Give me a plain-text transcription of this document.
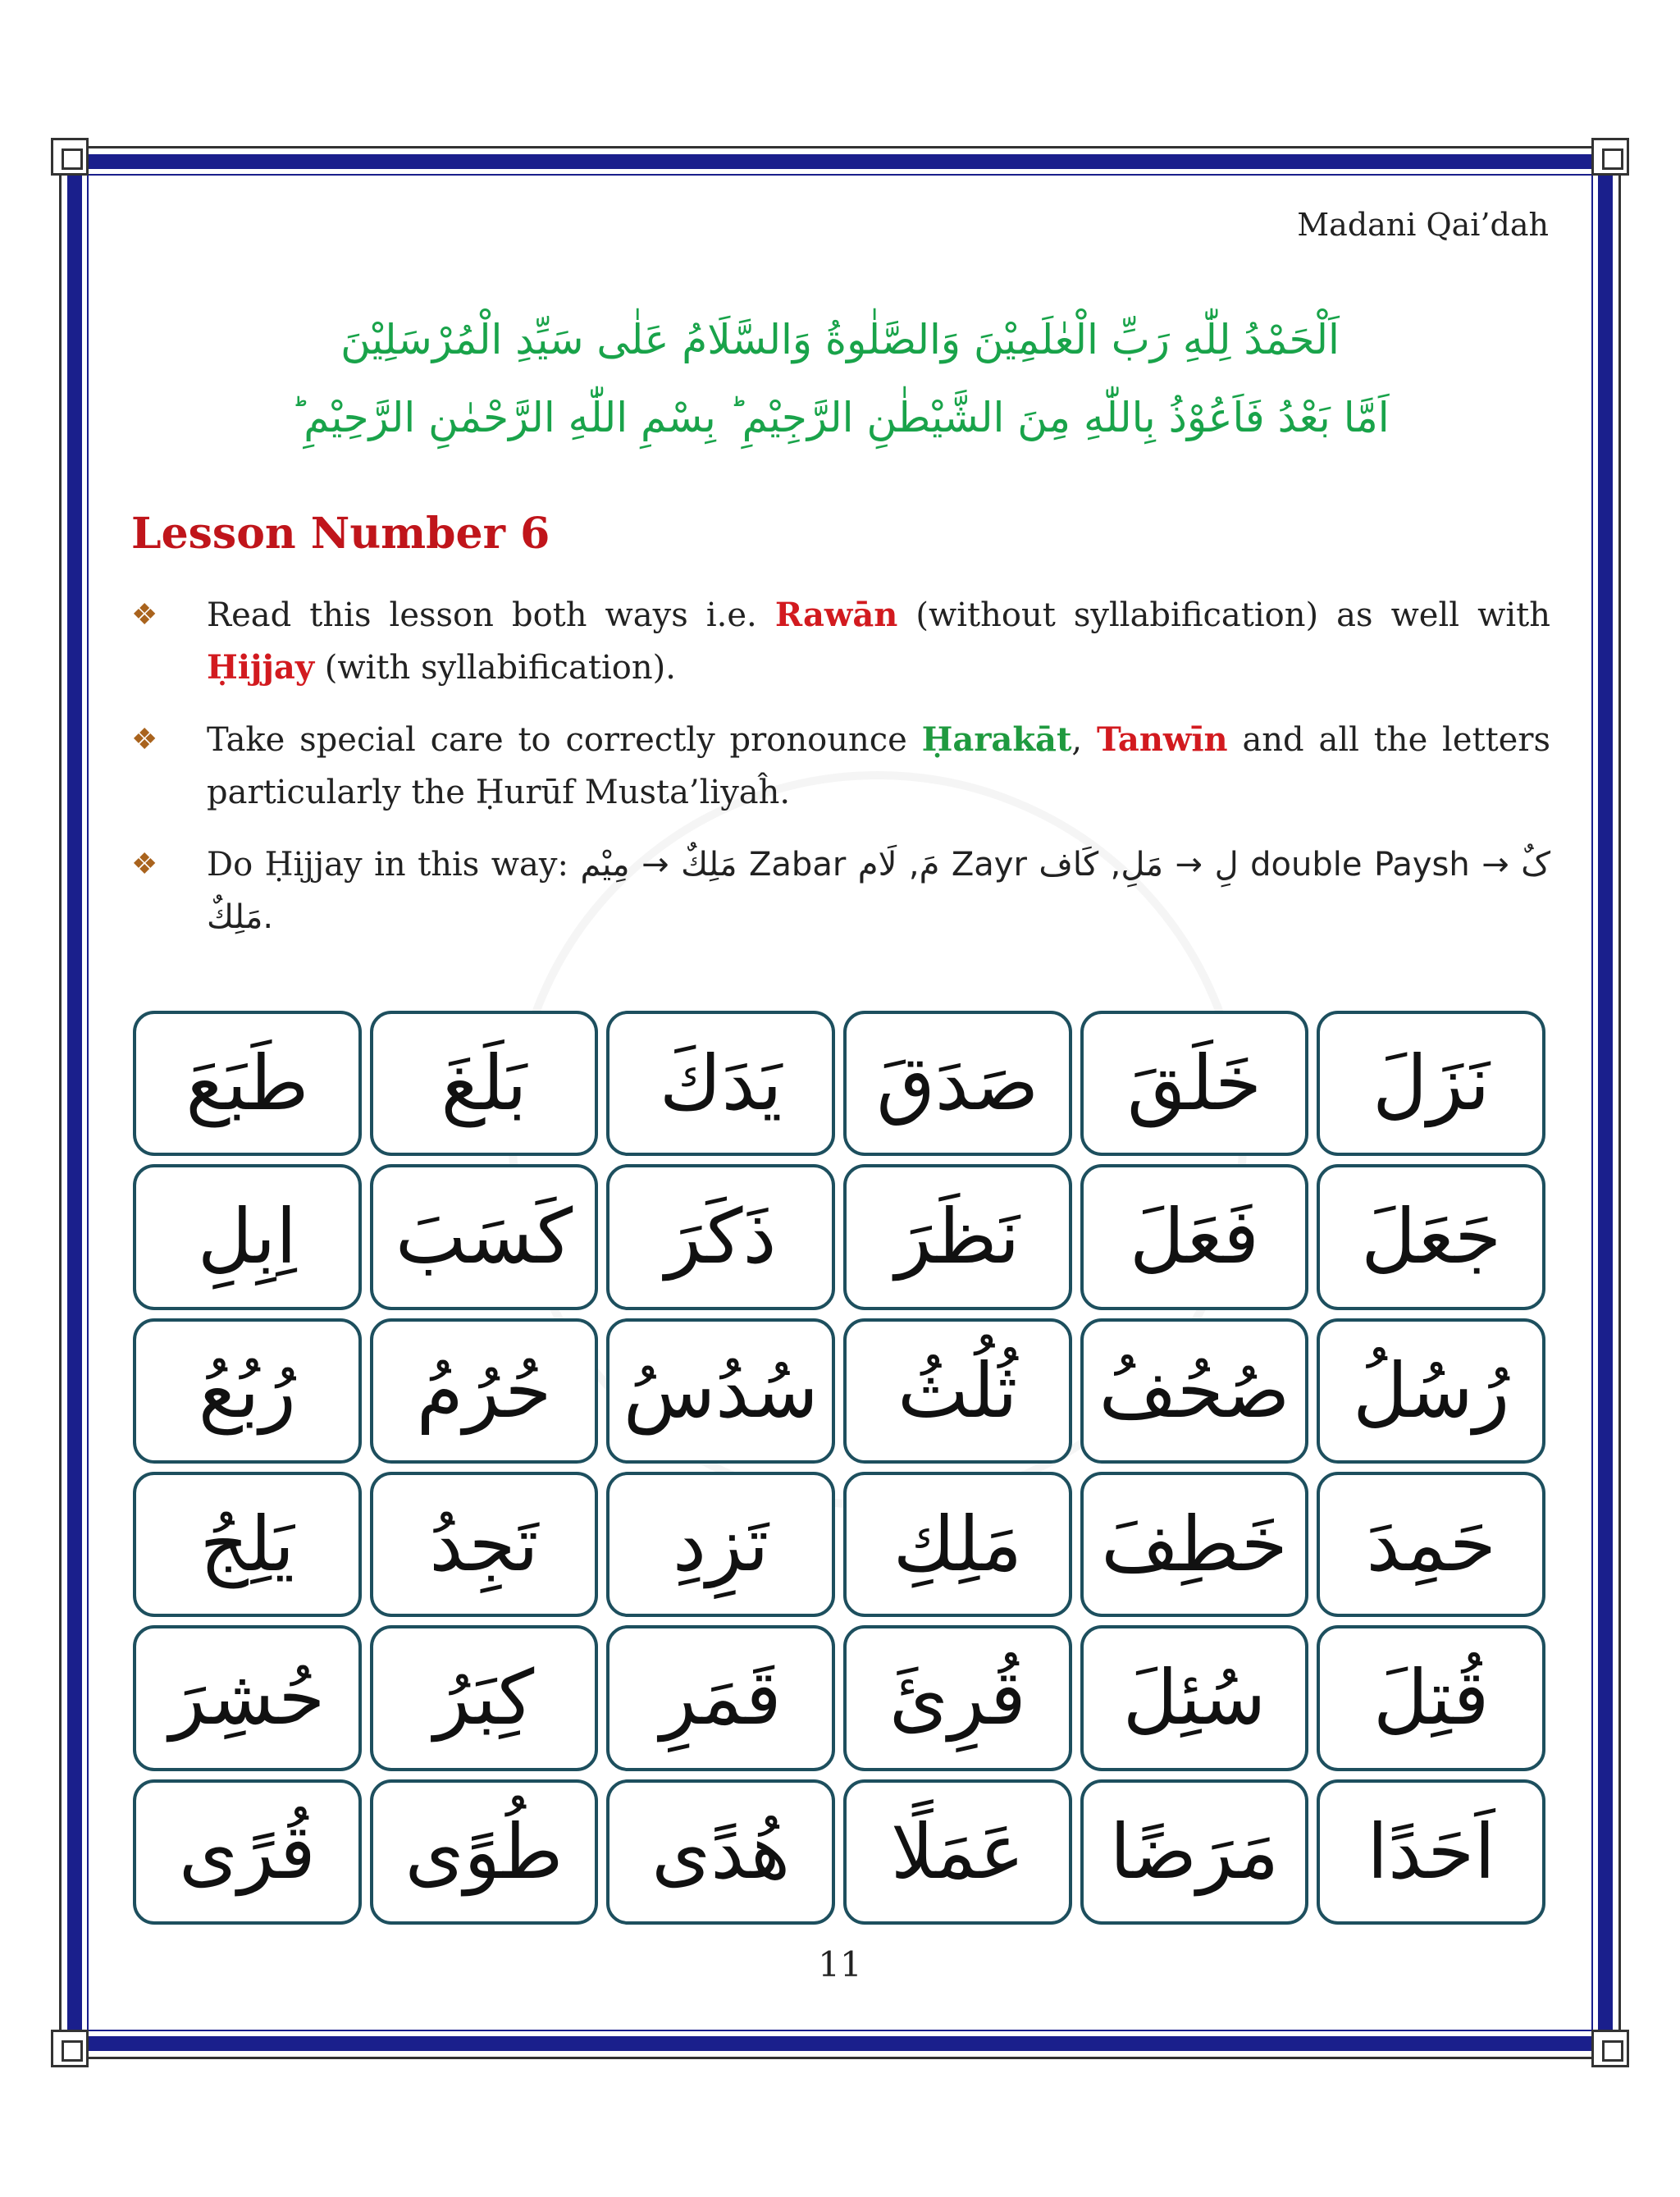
Madani Qai’dah
اَلْحَمْدُ لِلّٰهِ رَبِّ الْعٰلَمِيْنَ وَالصَّلٰوةُ وَالسَّلَامُ عَلٰى سَيِّدِ الْمُرْسَلِيْنَ
اَمَّا بَعْدُ فَاَعُوْذُ بِاللّٰهِ مِنَ الشَّيْطٰنِ الرَّجِيْمِ ؕ بِسْمِ اللّٰهِ الرَّحْمٰنِ الرَّحِيْمِ ؕ
Lesson Number 6
❖ Read this lesson both ways i.e. Rawān (without syllabification) as well with Ḥijjay (with syllabification).
❖ Take special care to correctly pronounce Ḥarakāt, Tanwīn and all the letters particularly the Ḥurūf Musta’liyaĥ.
❖ Do Ḥijjay in this way: مَلِكٌ → مِیْم Zabar مَ, لَام Zayr لِ → مَلِ, کَاف double Paysh کٌ → مَلِكٌ.
نَزَلَ
خَلَقَ
صَدَقَ
يَدَكَ
بَلَغَ
طَبَعَ
جَعَلَ
فَعَلَ
نَظَرَ
ذَكَرَ
كَسَبَ
اِبِلِ
رُسُلُ
صُحُفُ
ثُلُثُ
سُدُسُ
حُرُمُ
رُبُعُ
حَمِدَ
خَطِفَ
مَلِكِ
تَزِدِ
تَجِدُ
يَلِجُ
قُتِلَ
سُئِلَ
قُرِئَ
قَمَرِ
كِبَرُ
حُشِرَ
اَحَدًا
مَرَضًا
عَمَلًا
هُدًى
طُوًى
قُرًى
11
